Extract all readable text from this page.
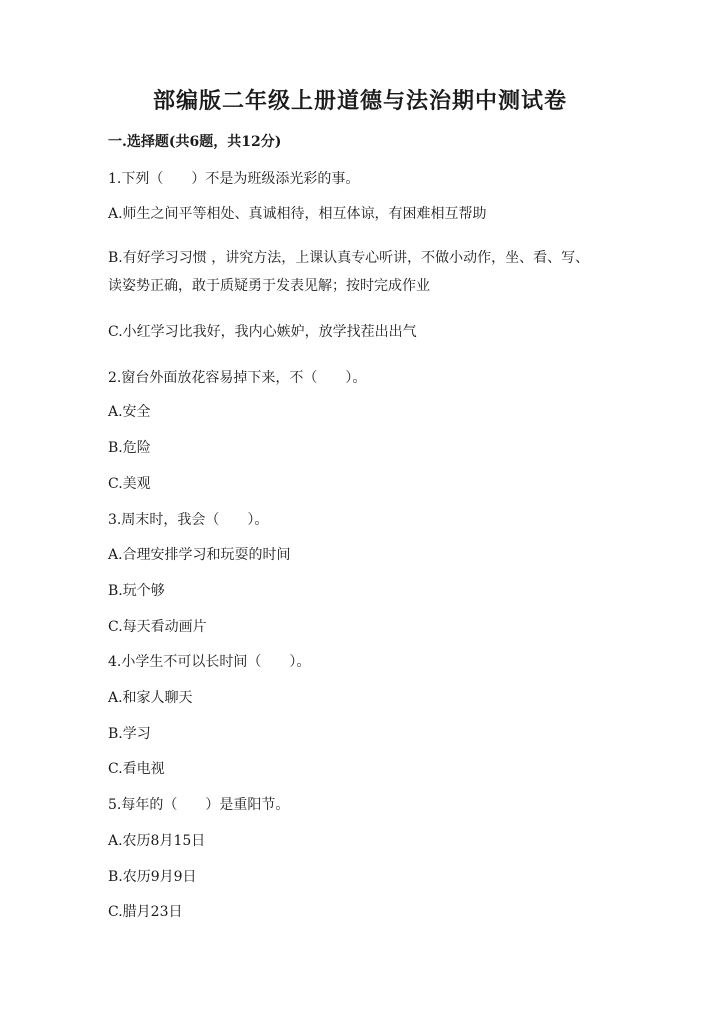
部编版二年级上册道德与法治期中测试卷
一.选择题(共6题，共12分)
1.下列（　　）不是为班级添光彩的事。
A.师生之间平等相处、真诚相待，相互体谅，有困难相互帮助
B.有好学习习惯 ，讲究方法，上课认真专心听讲，不做小动作，坐、看、写、
读姿势正确，敢于质疑勇于发表见解；按时完成作业
C.小红学习比我好，我内心嫉妒，放学找茬出出气
2.窗台外面放花容易掉下来，不（　　）。
A.安全
B.危险
C.美观
3.周末时，我会（　　）。
A.合理安排学习和玩耍的时间
B.玩个够
C.每天看动画片
4.小学生不可以长时间（　　）。
A.和家人聊天
B.学习
C.看电视
5.每年的（　　）是重阳节。
A.农历8月15日
B.农历9月9日
C.腊月23日
